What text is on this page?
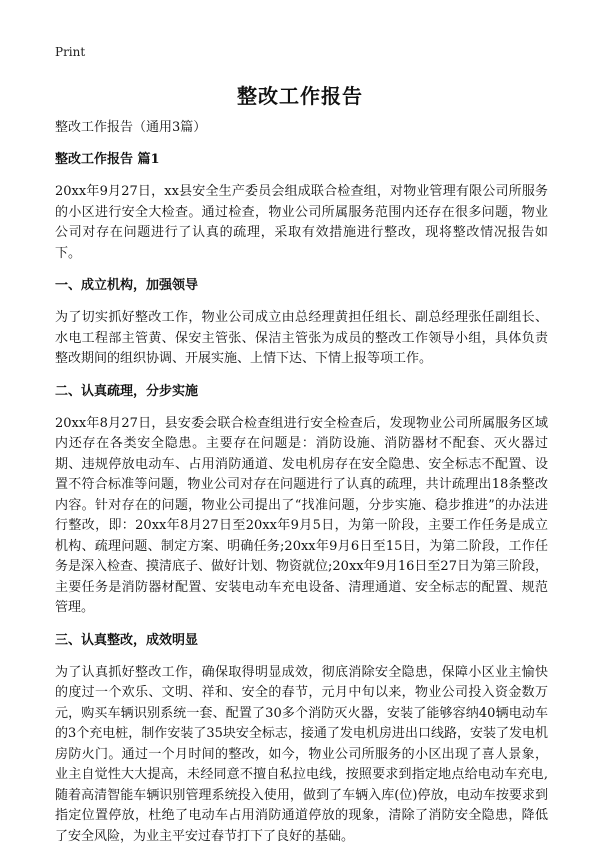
Print
整改工作报告
整改工作报告（通用3篇）
整改工作报告 篇1

20xx年9月27日，xx县安全生产委员会组成联合检查组，对物业管理有限公司所服务的小区进行安全大检查。通过检查，物业公司所属服务范围内还存在很多问题，物业公司对存在问题进行了认真的疏理，采取有效措施进行整改，现将整改情况报告如下。

一、成立机构，加强领导

为了切实抓好整改工作，物业公司成立由总经理黄担任组长、副总经理张任副组长、水电工程部主管黄、保安主管张、保洁主管张为成员的整改工作领导小组，具体负责整改期间的组织协调、开展实施、上情下达、下情上报等项工作。

二、认真疏理，分步实施

20xx年8月27日，县安委会联合检查组进行安全检查后，发现物业公司所属服务区域内还存在各类安全隐患。主要存在问题是：消防设施、消防器材不配套、灭火器过期、违规停放电动车、占用消防通道、发电机房存在安全隐患、安全标志不配置、设置不符合标准等问题，物业公司对存在问题进行了认真的疏理，共计疏理出18条整改内容。针对存在的问题，物业公司提出了“找准问题，分步实施、稳步推进”的办法进行整改，即：20xx年8月27日至20xx年9月5日，为第一阶段，主要工作任务是成立机构、疏理问题、制定方案、明确任务;20xx年9月6日至15日，为第二阶段，工作任务是深入检查、摸清底子、做好计划、物资就位;20xx年9月16日至27日为第三阶段，主要任务是消防器材配置、安装电动车充电设备、清理通道、安全标志的配置、规范管理。

三、认真整改，成效明显

为了认真抓好整改工作，确保取得明显成效，彻底消除安全隐患，保障小区业主愉快的度过一个欢乐、文明、祥和、安全的春节，元月中旬以来，物业公司投入资金数万元，购买车辆识别系统一套、配置了30多个消防灭火器，安装了能够容纳40辆电动车的3个充电桩，制作安装了35块安全标志，接通了发电机房进出口线路，安装了发电机房防火门。通过一个月时间的整改，如今，物业公司所服务的小区出现了喜人景象，业主自觉性大大提高，未经同意不擅自私拉电线，按照要求到指定地点给电动车充电,随着高清智能车辆识别管理系统投入使用，做到了车辆入库(位)停放，电动车按要求到指定位置停放，杜绝了电动车占用消防通道停放的现象，清除了消防安全隐患，降低了安全风险，为业主平安过春节打下了良好的基础。
